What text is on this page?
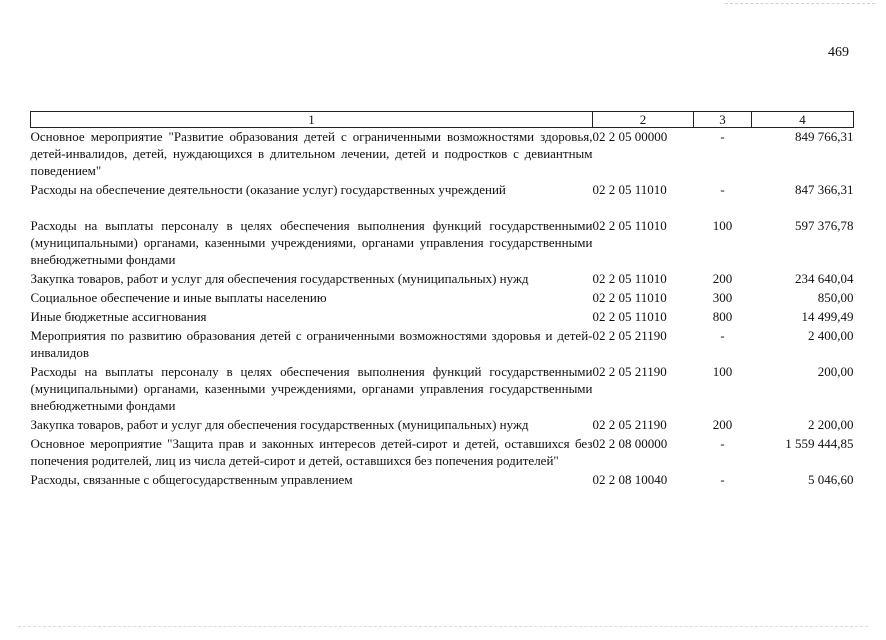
469
1	2	3	4
Основное мероприятие "Развитие образования детей с ограниченными возможностями здоровья, детей-инвалидов, детей, нуждающихся в длительном лечении, детей и подростков с девиантным поведением"	02 2 05 00000	-	849 766,31
Расходы на обеспечение деятельности (оказание услуг) государственных учреждений	02 2 05 11010	-	847 366,31
Расходы на выплаты персоналу в целях обеспечения выполнения функций государственными (муниципальными) органами, казенными учреждениями, органами управления государственными внебюджетными фондами	02 2 05 11010	100	597 376,78
Закупка товаров, работ и услуг для обеспечения государственных (муниципальных) нужд	02 2 05 11010	200	234 640,04
Социальное обеспечение и иные выплаты населению	02 2 05 11010	300	850,00
Иные бюджетные ассигнования	02 2 05 11010	800	14 499,49
Мероприятия по развитию образования детей с ограниченными возможностями здоровья и детей-инвалидов	02 2 05 21190	-	2 400,00
Расходы на выплаты персоналу в целях обеспечения выполнения функций государственными (муниципальными) органами, казенными учреждениями, органами управления государственными внебюджетными фондами	02 2 05 21190	100	200,00
Закупка товаров, работ и услуг для обеспечения государственных (муниципальных) нужд	02 2 05 21190	200	2 200,00
Основное мероприятие "Защита прав и законных интересов детей-сирот и детей, оставшихся без попечения родителей, лиц из числа детей-сирот и детей, оставшихся без попечения родителей"	02 2 08 00000	-	1 559 444,85
Расходы, связанные с общегосударственным управлением	02 2 08 10040	-	5 046,60
